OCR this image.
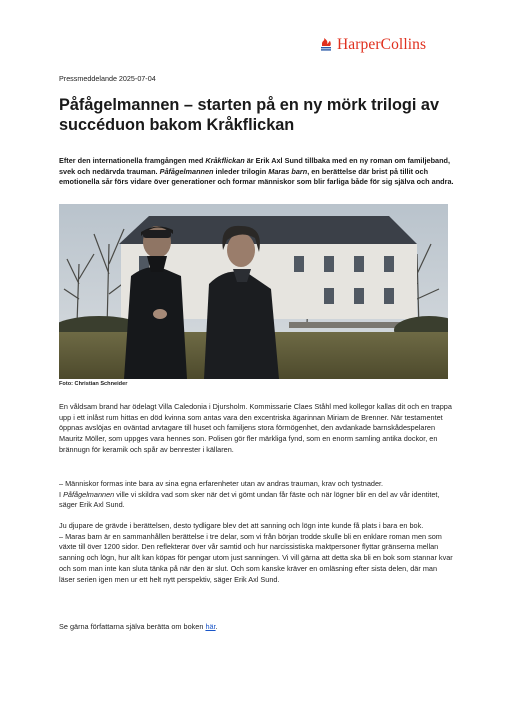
HarperCollins
Pressmeddelande 2025-07-04
Påfågelmannen – starten på en ny mörk trilogi av succéduon bakom Kråkflickan

Efter den internationella framgången med Kråkflickan är Erik Axl Sund tillbaka med en ny roman om familjeband, svek och nedärvda trauman. Påfågelmannen inleder trilogin Maras barn, en berättelse där brist på tillit och emotionella sår förs vidare över generationer och formar människor som blir farliga både för sig själva och andra.

Foto: Christian Schneider

En våldsam brand har ödelagt Villa Caledonia i Djursholm. Kommissarie Claes Ståhl med kollegor kallas dit och en trappa upp i ett inlåst rum hittas en död kvinna som antas vara den excentriska ägarinnan Miriam de Brenner. När testamentet öppnas avslöjas en oväntad arvtagare till huset och familjens stora förmögenhet, den avdankade barnskådespelaren Mauritz Möller, som uppges vara hennes son. Polisen gör fler märkliga fynd, som en enorm samling antika dockor, en brännugn för keramik och spår av benrester i källaren.

– Människor formas inte bara av sina egna erfarenheter utan av andras trauman, krav och tystnader.
I Påfågelmannen ville vi skildra vad som sker när det vi gömt undan får fäste och när lögner blir en del av vår identitet, säger Erik Axl Sund.

Ju djupare de grävde i berättelsen, desto tydligare blev det att sanning och lögn inte kunde få plats i bara en bok.
– Maras barn är en sammanhållen berättelse i tre delar, som vi från början trodde skulle bli en enklare roman men som växte till över 1200 sidor. Den reflekterar över vår samtid och hur narcissistiska maktpersoner flyttar gränserna mellan sanning och lögn, hur allt kan köpas för pengar utom just sanningen. Vi vill gärna att detta ska bli en bok som stannar kvar och som man inte kan sluta tänka på när den är slut. Och som kanske kräver en omläsning efter sista delen, där man läser serien igen men ur ett helt nytt perspektiv, säger Erik Axl Sund.

Se gärna författarna själva berätta om boken här.
